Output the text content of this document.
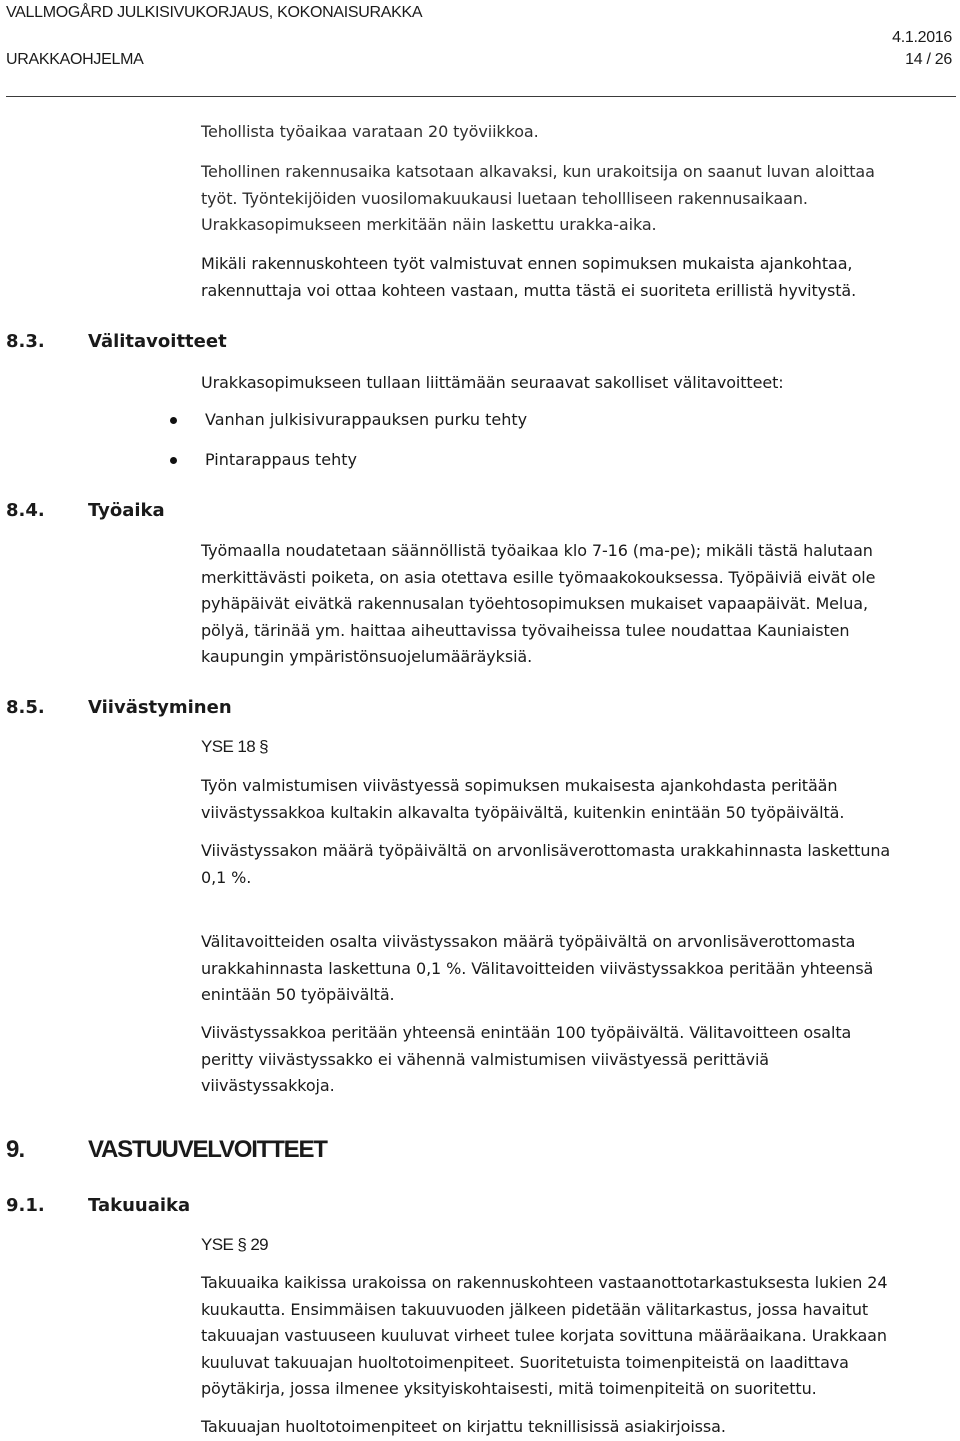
VALLMOGÅRD JULKISIVUKORJAUS, KOKONAISURAKKA
4.1.2016
URAKKAOHJELMA	14 / 26
Tehollista työaikaa varataan 20 työviikkoa.
Tehollinen rakennusaika katsotaan alkavaksi, kun urakoitsija on saanut luvan aloittaa
työt. Työntekijöiden vuosilomakuukausi luetaan tehollliseen rakennusaikaan.
Urakkasopimukseen merkitään näin laskettu urakka-aika.
Mikäli rakennuskohteen työt valmistuvat ennen sopimuksen mukaista ajankohtaa,
rakennuttaja voi ottaa kohteen vastaan, mutta tästä ei suoriteta erillistä hyvitystä.
8.3. Välitavoitteet
Urakkasopimukseen tullaan liittämään seuraavat sakolliset välitavoitteet:
Vanhan julkisivurappauksen purku tehty
Pintarappaus tehty
8.4. Työaika
Työmaalla noudatetaan säännöllistä työaikaa klo 7-16 (ma-pe); mikäli tästä halutaan
merkittävästi poiketa, on asia otettava esille työmaakokouksessa. Työpäiviä eivät ole
pyhäpäivät eivätkä rakennusalan työehtosopimuksen mukaiset vapaapäivät. Melua,
pölyä, tärinää ym. haittaa aiheuttavissa työvaiheissa tulee noudattaa Kauniaisten
kaupungin ympäristönsuojelumääräyksiä.
8.5. Viivästyminen
YSE 18 §
Työn valmistumisen viivästyessä sopimuksen mukaisesta ajankohdasta peritään
viivästyssakkoa kultakin alkavalta työpäivältä, kuitenkin enintään 50 työpäivältä.
Viivästyssakon määrä työpäivältä on arvonlisäverottomasta urakkahinnasta laskettuna
0,1 %.
Välitavoitteiden osalta viivästyssakon määrä työpäivältä on arvonlisäverottomasta
urakkahinnasta laskettuna 0,1 %. Välitavoitteiden viivästyssakkoa peritään yhteensä
enintään 50 työpäivältä.
Viivästyssakkoa peritään yhteensä enintään 100 työpäivältä. Välitavoitteen osalta
peritty viivästyssakko ei vähennä valmistumisen viivästyessä perittäviä
viivästyssakkoja.
9.	VASTUUVELVOITTEET
9.1. Takuuaika
YSE § 29
Takuuaika kaikissa urakoissa on rakennuskohteen vastaanottotarkastuksesta lukien 24
kuukautta. Ensimmäisen takuuvuoden jälkeen pidetään välitarkastus, jossa havaitut
takuuajan vastuuseen kuuluvat virheet tulee korjata sovittuna määräaikana. Urakkaan
kuuluvat takuuajan huoltotoimenpiteet. Suoritetuista toimenpiteistä on laadittava
pöytäkirja, jossa ilmenee yksityiskohtaisesti, mitä toimenpiteitä on suoritettu.
Takuuajan huoltotoimenpiteet on kirjattu teknillisissä asiakirjoissa.
